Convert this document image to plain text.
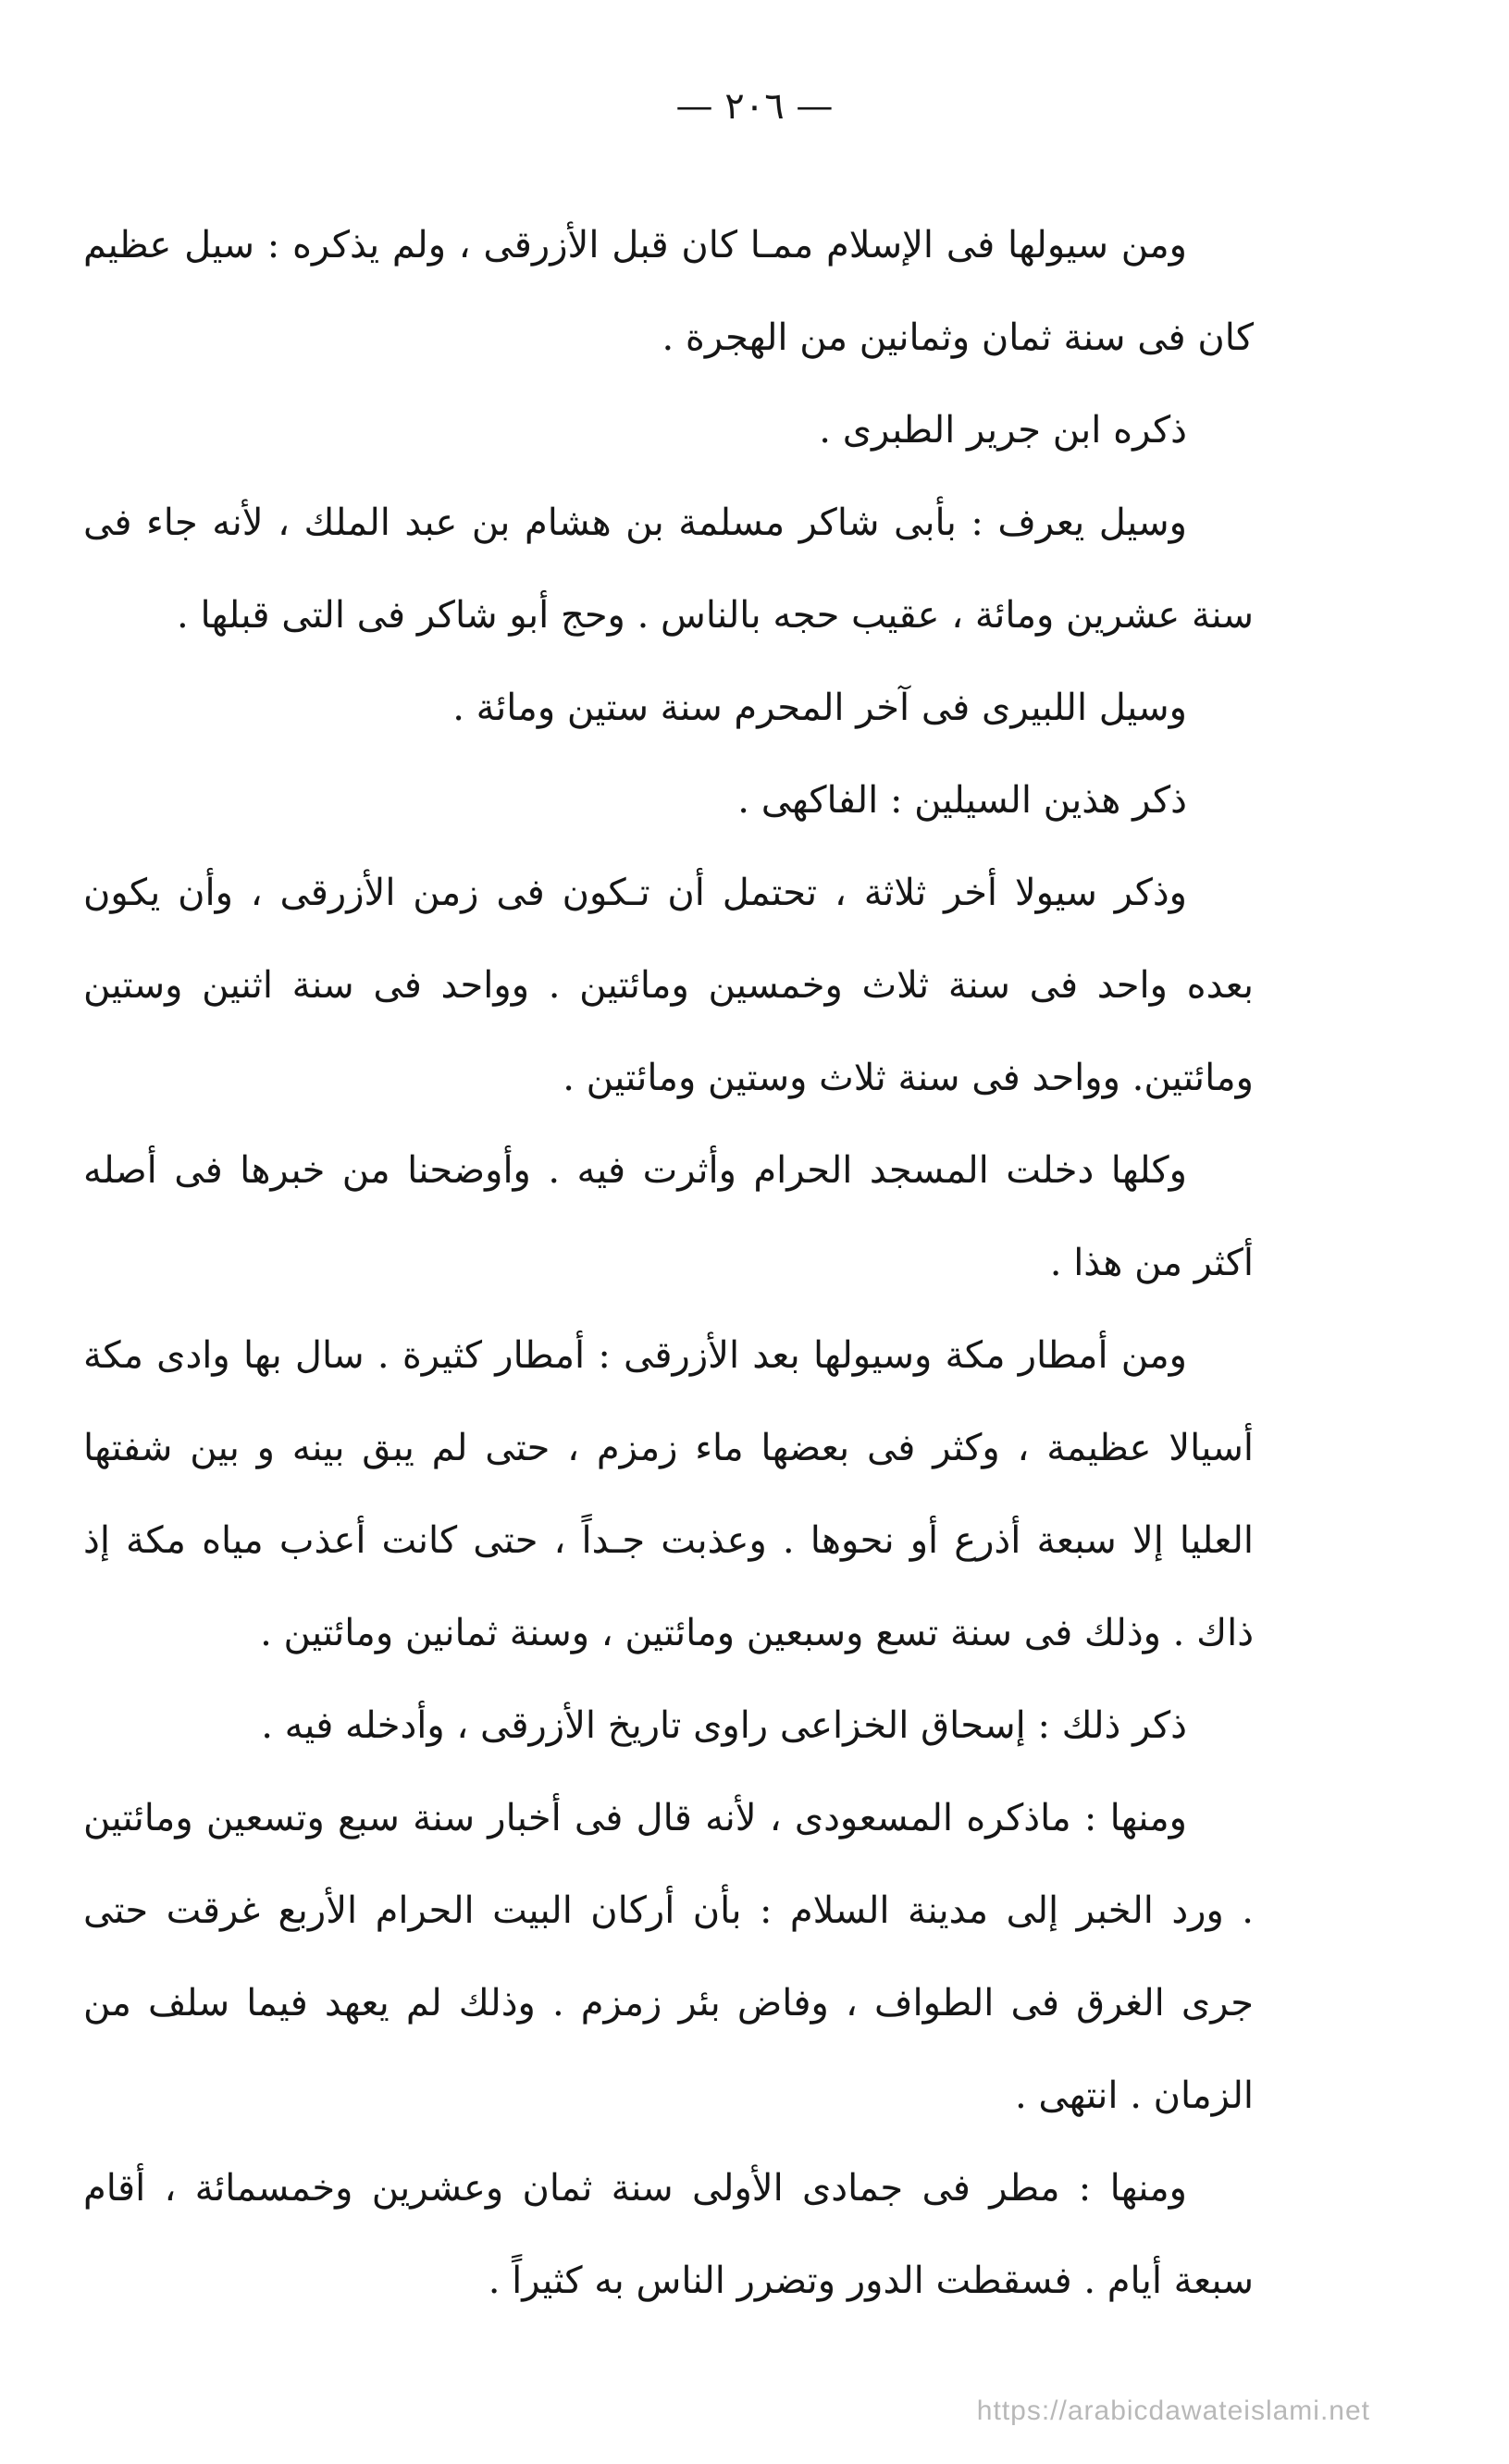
— ٢٠٦ —

ومن سيولها فى الإسلام ممـا كان قبل الأزرقى ، ولم يذكره : سيل عظيم كان فى سنة ثمان وثمانين من الهجرة .

ذكره ابن جرير الطبرى .

وسيل يعرف : بأبى شاكر مسلمة بن هشام بن عبد الملك ، لأنه جاء فى سنة عشرين ومائة ، عقيب حجه بالناس . وحج أبو شاكر فى التى قبلها .

وسيل اللبيرى فى آخر المحرم سنة ستين ومائة .

ذكر هذين السيلين : الفاكهى .

وذكر سيولا أخر ثلاثة ، تحتمل أن تـكون فى زمن الأزرقى ، وأن يكون بعده واحد فى سنة ثلاث وخمسين ومائتين . وواحد فى سنة اثنين وستين ومائتين. وواحد فى سنة ثلاث وستين ومائتين .

وكلها دخلت المسجد الحرام وأثرت فيه . وأوضحنا من خبرها فى أصله أكثر من هذا .

ومن أمطار مكة وسيولها بعد الأزرقى : أمطار كثيرة . سال بها وادى مكة أسيالا عظيمة ، وكثر فى بعضها ماء زمزم ، حتى لم يبق بينه و بين شفتها العليا إلا سبعة أذرع أو نحوها . وعذبت جـداً ، حتى كانت أعذب مياه مكة إذ ذاك . وذلك فى سنة تسع وسبعين ومائتين ، وسنة ثمانين ومائتين .

ذكر ذلك : إسحاق الخزاعى راوى تاريخ الأزرقى ، وأدخله فيه .

ومنها : ماذكره المسعودى ، لأنه قال فى أخبار سنة سبع وتسعين ومائتين . ورد الخبر إلى مدينة السلام : بأن أركان البيت الحرام الأربع غرقت حتى جرى الغرق فى الطواف ، وفاض بئر زمزم . وذلك لم يعهد فيما سلف من الزمان . انتهى .

ومنها : مطر فى جمادى الأولى سنة ثمان وعشرين وخمسمائة ، أقام سبعة أيام . فسقطت الدور وتضرر الناس به كثيراً .

https://arabicdawateislami.net
